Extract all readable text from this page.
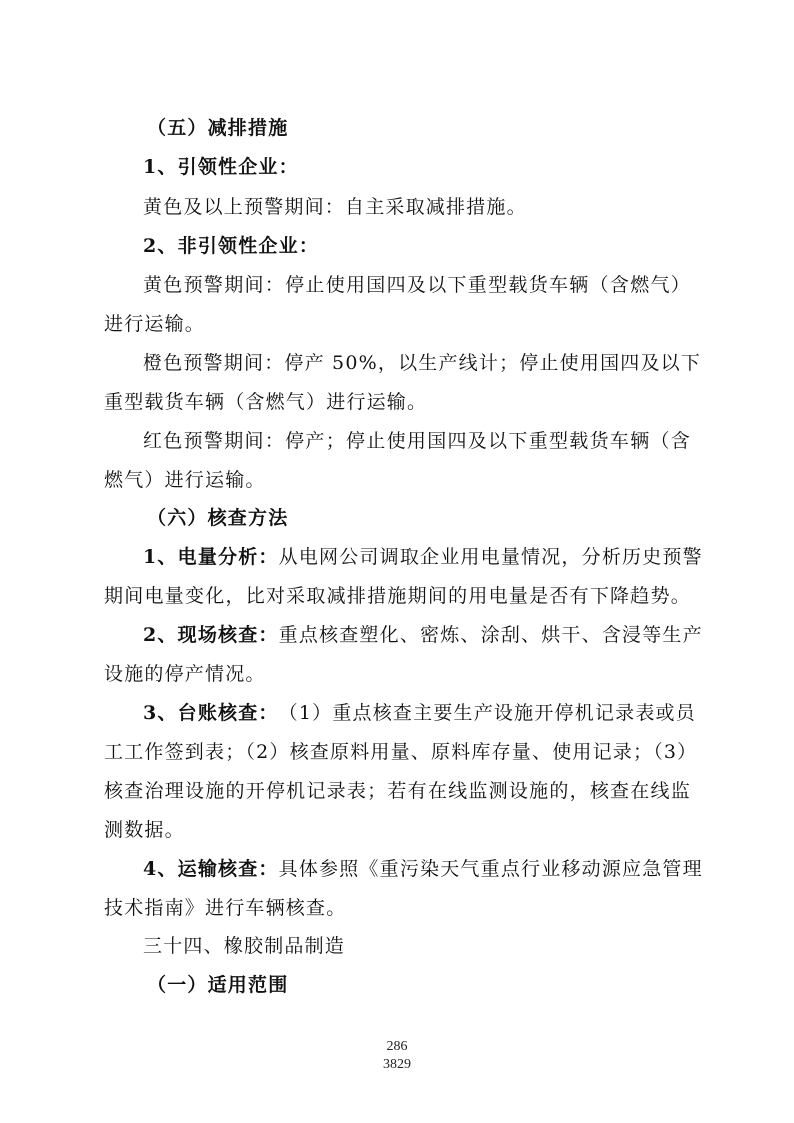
（五）减排措施
1、引领性企业：
黄色及以上预警期间：自主采取减排措施。
2、非引领性企业：
黄色预警期间：停止使用国四及以下重型载货车辆（含燃气）
进行运输。
橙色预警期间：停产 50%，以生产线计；停止使用国四及以下
重型载货车辆（含燃气）进行运输。
红色预警期间：停产；停止使用国四及以下重型载货车辆（含
燃气）进行运输。
（六）核查方法
1、电量分析： 从电网公司调取企业用电量情况，分析历史预警
期间电量变化，比对采取减排措施期间的用电量是否有下降趋势。
2、现场核查： 重点核查塑化、密炼、涂刮、烘干、含浸等生产
设施的停产情况。
3、台账核查： （1）重点核查主要生产设施开停机记录表或员
工工作签到表；（2）核查原料用量、原料库存量、使用记录；（3）
核查治理设施的开停机记录表；若有在线监测设施的，核查在线监
测数据。
4、运输核查： 具体参照《重污染天气重点行业移动源应急管理
技术指南》进行车辆核查。
三十四、橡胶制品制造
（一）适用范围
286
3829
